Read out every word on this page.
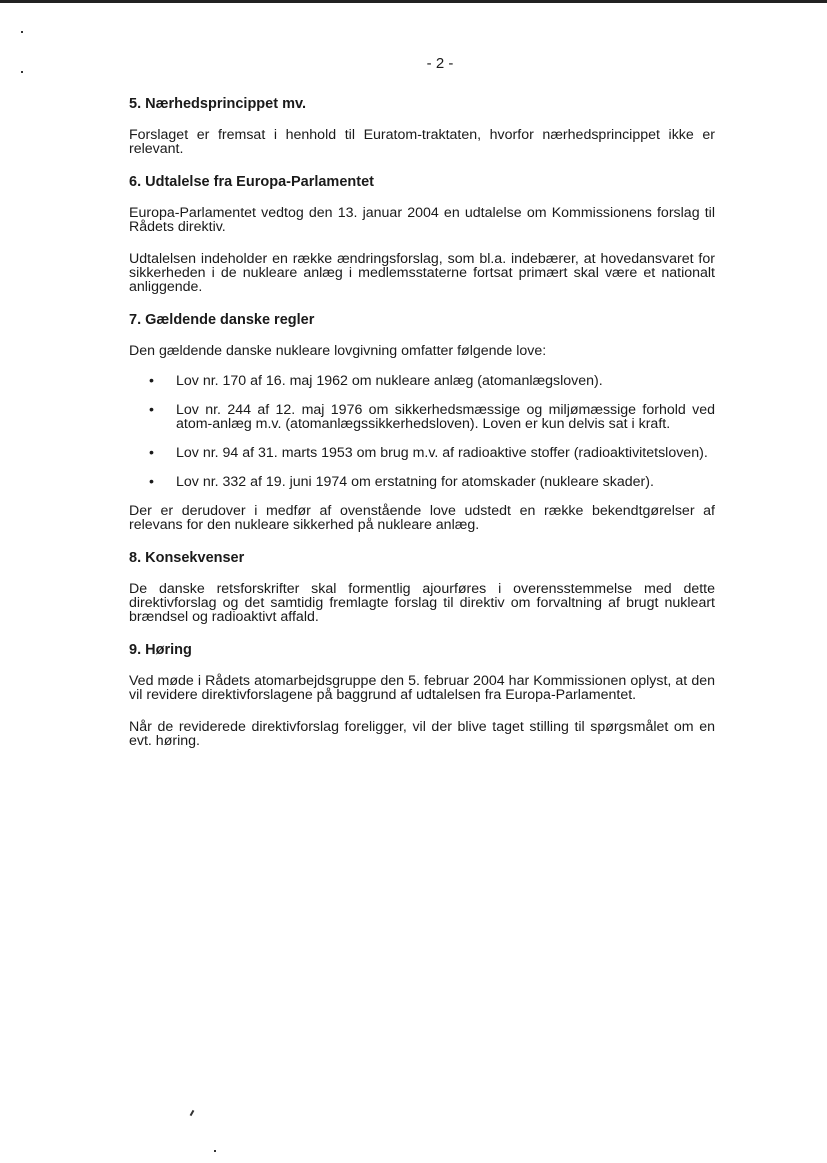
- 2 -
5. Nærhedsprincippet mv.

Forslaget er fremsat i henhold til Euratom-traktaten, hvorfor nærhedsprincippet ikke er relevant.

6. Udtalelse fra Europa-Parlamentet

Europa-Parlamentet vedtog den 13. januar 2004 en udtalelse om Kommissionens forslag til Rådets direktiv.

Udtalelsen indeholder en række ændringsforslag, som bl.a. indebærer, at hovedansvaret for sikkerheden i de nukleare anlæg i medlemsstaterne fortsat primært skal være et nationalt anliggende.

7. Gældende danske regler

Den gældende danske nukleare lovgivning omfatter følgende love:

• Lov nr. 170 af 16. maj 1962 om nukleare anlæg (atomanlægsloven).
• Lov nr. 244 af 12. maj 1976 om sikkerhedsmæssige og miljømæssige forhold ved atom-anlæg m.v. (atomanlægssikkerhedsloven). Loven er kun delvis sat i kraft.
• Lov nr. 94 af 31. marts 1953 om brug m.v. af radioaktive stoffer (radioaktivitetsloven).
• Lov nr. 332 af 19. juni 1974 om erstatning for atomskader (nukleare skader).

Der er derudover i medfør af ovenstående love udstedt en række bekendtgørelser af relevans for den nukleare sikkerhed på nukleare anlæg.

8. Konsekvenser

De danske retsforskrifter skal formentlig ajourføres i overensstemmelse med dette direktivforslag og det samtidig fremlagte forslag til direktiv om forvaltning af brugt nukleart brændsel og radioaktivt affald.

9. Høring

Ved møde i Rådets atomarbejdsgruppe den 5. februar 2004 har Kommissionen oplyst, at den vil revidere direktivforslagene på baggrund af udtalelsen fra Europa-Parlamentet.

Når de reviderede direktivforslag foreligger, vil der blive taget stilling til spørgsmålet om en evt. høring.
